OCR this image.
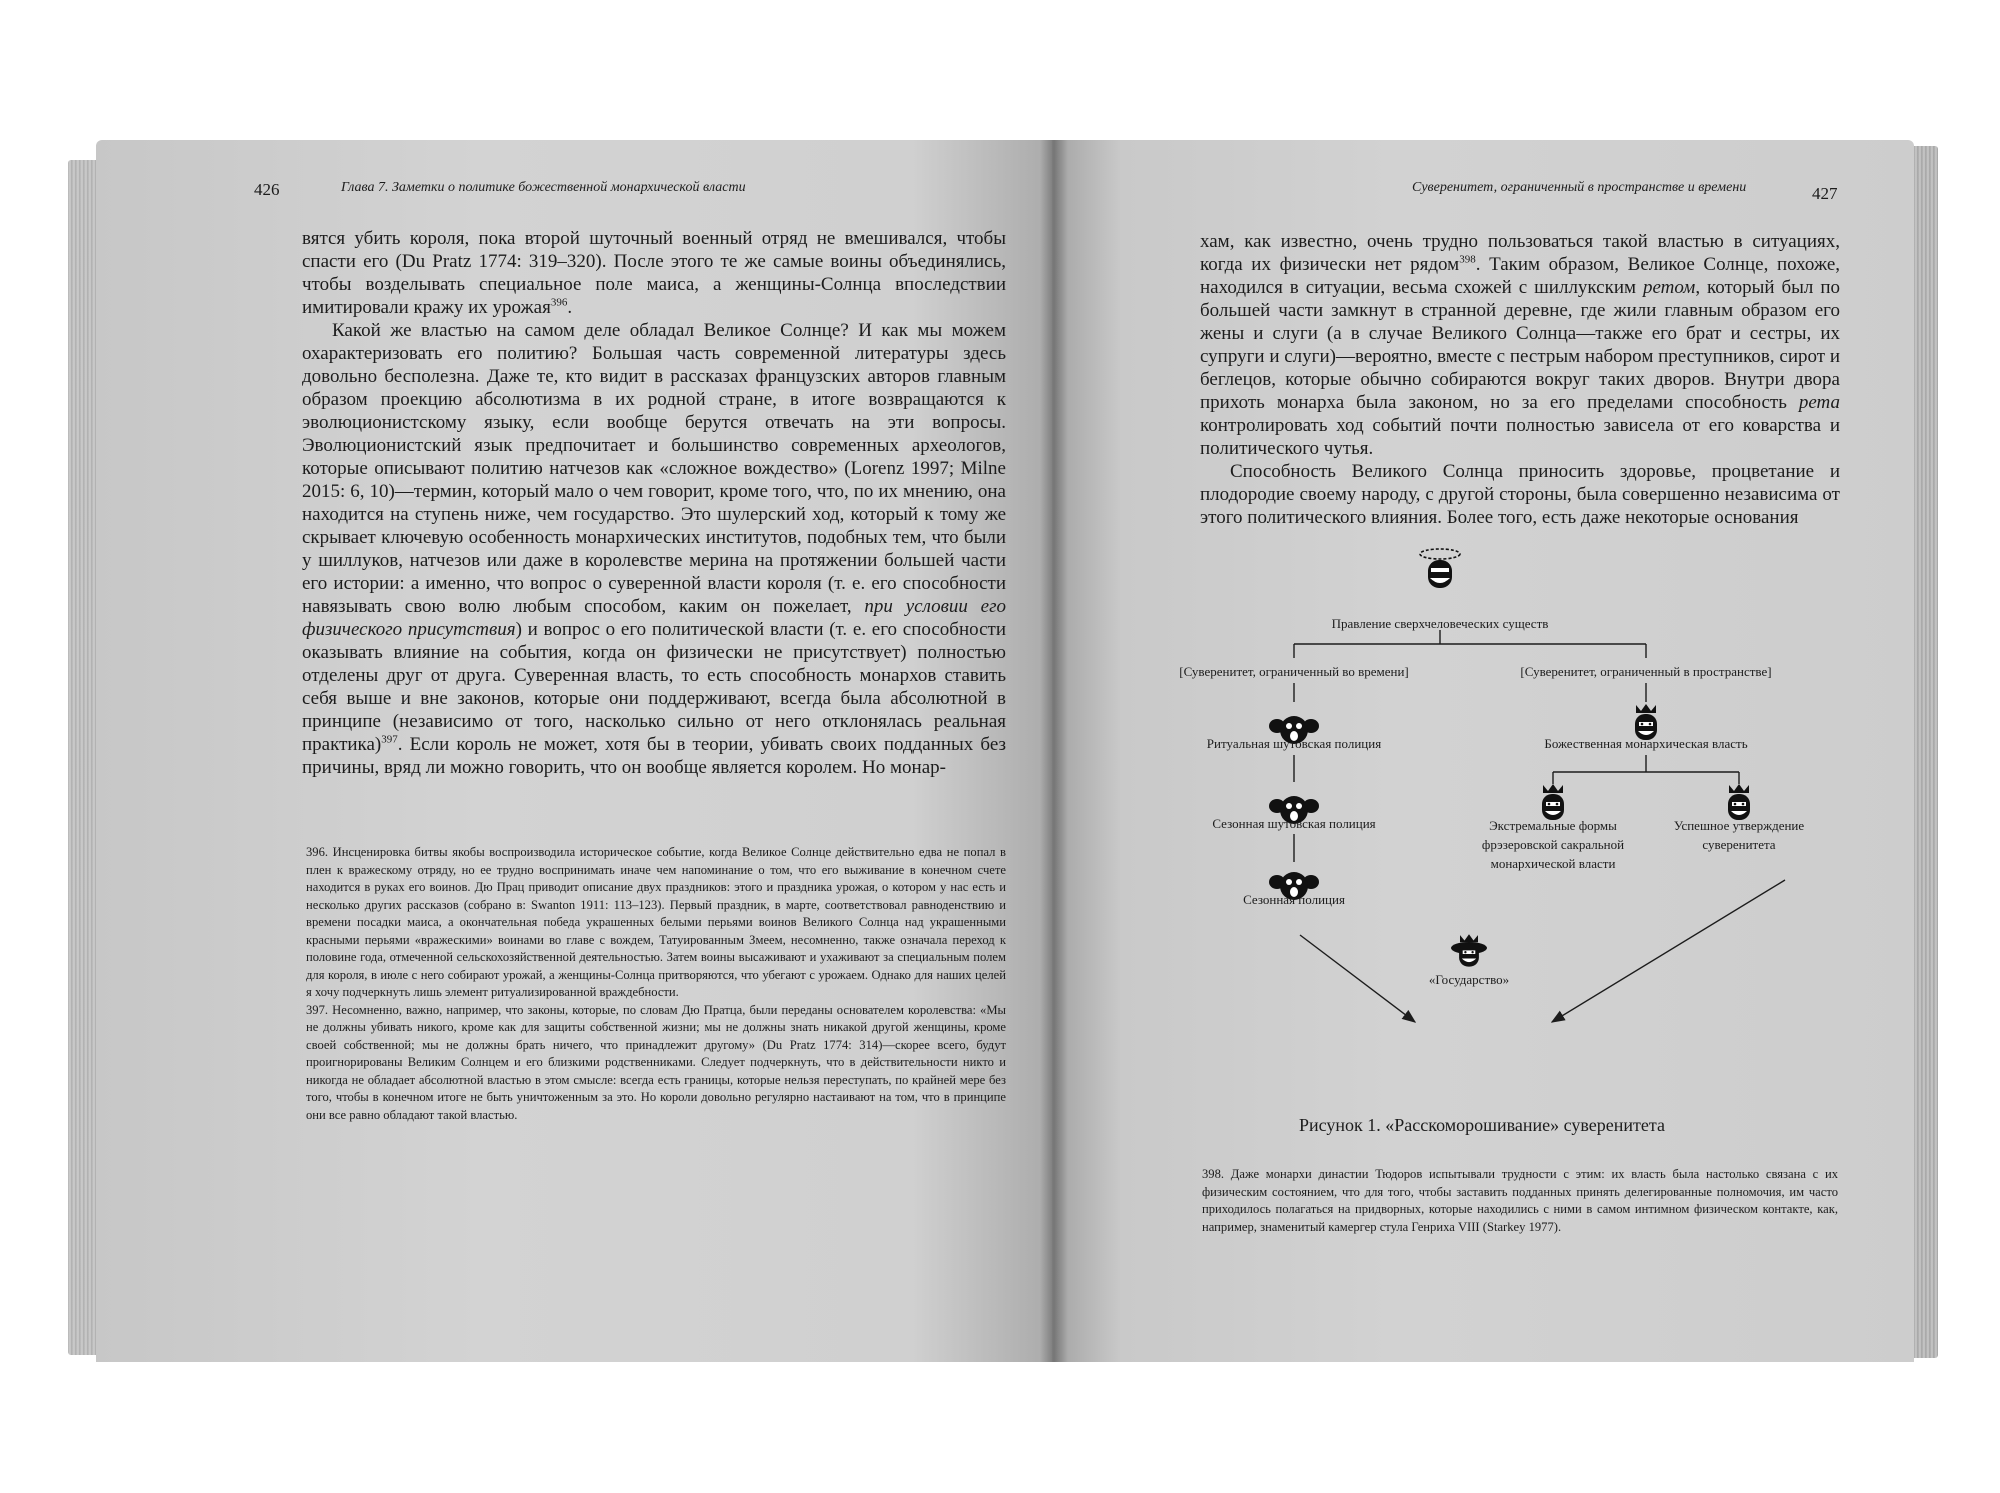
426	Глава 7. Заметки о политике божественной монархической власти

вятся убить короля, пока второй шуточный военный отряд не вмешивался, чтобы спасти его (Du Pratz 1774: 319–320). После этого те же самые воины объединялись, чтобы возделывать специальное поле маиса, а женщины-Солнца впоследствии имитировали кражу их урожая$^{396}$.

Какой же властью на самом деле обладал Великое Солнце? И как мы можем охарактеризовать его политию? Большая часть современной литературы здесь довольно бесполезна. Даже те, кто видит в рассказах французских авторов главным образом проекцию абсолютизма в их родной стране, в итоге возвращаются к эволюционистскому языку, если вообще берутся отвечать на эти вопросы. Эволюционистский язык предпочитает и большинство современных археологов, которые описывают политию натчезов как «сложное вождество» (Lorenz 1997; Milne 2015: 6, 10)—термин, который мало о чем говорит, кроме того, что, по их мнению, она находится на ступень ниже, чем государство. Это шулерский ход, который к тому же скрывает ключевую особенность монархических институтов, подобных тем, что были у шиллуков, натчезов или даже в королевстве мерина на протяжении большей части его истории: а именно, что вопрос о суверенной власти короля (т. е. его способности навязывать свою волю любым способом, каким он пожелает, при условии его физического присутствия) и вопрос о его политической власти (т. е. его способности оказывать влияние на события, когда он физически не присутствует) полностью отделены друг от друга. Суверенная власть, то есть способность монархов ставить себя выше и вне законов, которые они поддерживают, всегда была абсолютной в принципе (независимо от того, насколько сильно от него отклонялась реальная практика)$^{397}$. Если король не может, хотя бы в теории, убивать своих подданных без причины, вряд ли можно говорить, что он вообще является королем. Но монар-

396. Инсценировка битвы якобы воспроизводила историческое событие, когда Великое Солнце действительно едва не попал в плен к вражескому отряду, но ее трудно воспринимать иначе чем напоминание о том, что его выживание в конечном счете находится в руках его воинов. Дю Прац приводит описание двух праздников: этого и праздника урожая, о котором у нас есть и несколько других рассказов (собрано в: Swanton 1911: 113–123). Первый праздник, в марте, соответствовал равноденствию и времени посадки маиса, а окончательная победа украшенных белыми перьями воинов Великого Солнца над украшенными красными перьями «вражескими» воинами во главе с вождем, Татуированным Змеем, несомненно, также означала переход к половине года, отмеченной сельскохозяйственной деятельностью. Затем воины высаживают и ухаживают за специальным полем для короля, в июле с него собирают урожай, а женщины-Солнца притворяются, что убегают с урожаем. Однако для наших целей я хочу подчеркнуть лишь элемент ритуализированной враждебности.

397. Несомненно, важно, например, что законы, которые, по словам Дю Пратца, были переданы основателем королевства: «Мы не должны убивать никого, кроме как для защиты собственной жизни; мы не должны знать никакой другой женщины, кроме своей собственной; мы не должны брать ничего, что принадлежит другому» (Du Pratz 1774: 314)—скорее всего, будут проигнорированы Великим Солнцем и его близкими родственниками. Следует подчеркнуть, что в действительности никто и никогда не обладает абсолютной властью в этом смысле: всегда есть границы, которые нельзя переступать, по крайней мере без того, чтобы в конечном итоге не быть уничтоженным за это. Но короли довольно регулярно настаивают на том, что в принципе они все равно обладают такой властью.

Суверенитет, ограниченный в пространстве и времени	427

хам, как известно, очень трудно пользоваться такой властью в ситуациях, когда их физически нет рядом$^{398}$. Таким образом, Великое Солнце, похоже, находился в ситуации, весьма схожей с шиллукским ретом, который был по большей части замкнут в странной деревне, где жили главным образом его жены и слуги (а в случае Великого Солнца—также его брат и сестры, их супруги и слуги)—вероятно, вместе с пестрым набором преступников, сирот и беглецов, которые обычно собираются вокруг таких дворов. Внутри двора прихоть монарха была законом, но за его пределами способность рета контролировать ход событий почти полностью зависела от его коварства и политического чутья.

Способность Великого Солнца приносить здоровье, процветание и плодородие своему народу, с другой стороны, была совершенно независима от этого политического влияния. Более того, есть даже некоторые основания

Правление сверхчеловеческих существ
[Суверенитет, ограниченный во времени]	[Суверенитет, ограниченный в пространстве]
Ритуальная шутовская полиция	Божественная монархическая власть
Сезонная шутовская полиция	Экстремальные формы фрэзеровской сакральной монархической власти
Успешное утверждение суверенитета
Сезонная полиция
«Государство»
Рисунок 1. «Расскоморошивание» суверенитета

398. Даже монархи династии Тюдоров испытывали трудности с этим: их власть была настолько связана с их физическим состоянием, что для того, чтобы заставить подданных принять делегированные полномочия, им часто приходилось полагаться на придворных, которые находились с ними в самом интимном физическом контакте, как, например, знаменитый камергер стула Генриха VIII (Starkey 1977).
